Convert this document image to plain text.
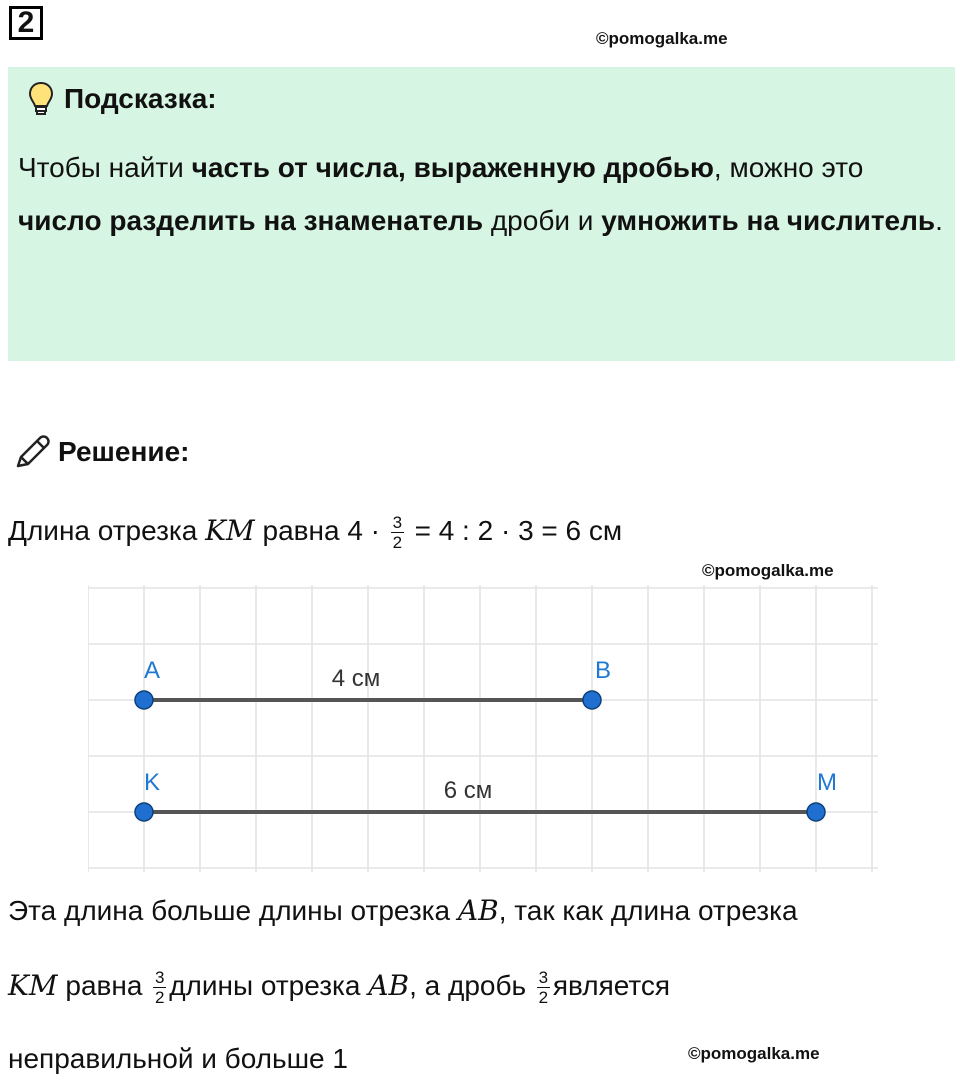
2	©pomogalka.me
Подсказка:
Чтобы найти часть от числа, выраженную дробью, можно это число разделить на знаменатель дроби и умножить на числитель.
Решение:
Длина отрезка KM равна $4 \cdot \frac{3}{2} = 4$ : 2 · 3 = 6 см
©pomogalka.me
A	B
4 см
K	M
6 см
Эта длина больше длины отрезка AB, так как длина отрезка
KM равна $\frac{3}{2}$ длины отрезка AB, а дробь $\frac{3}{2}$ является
неправильной и больше 1	©pomogalka.me
